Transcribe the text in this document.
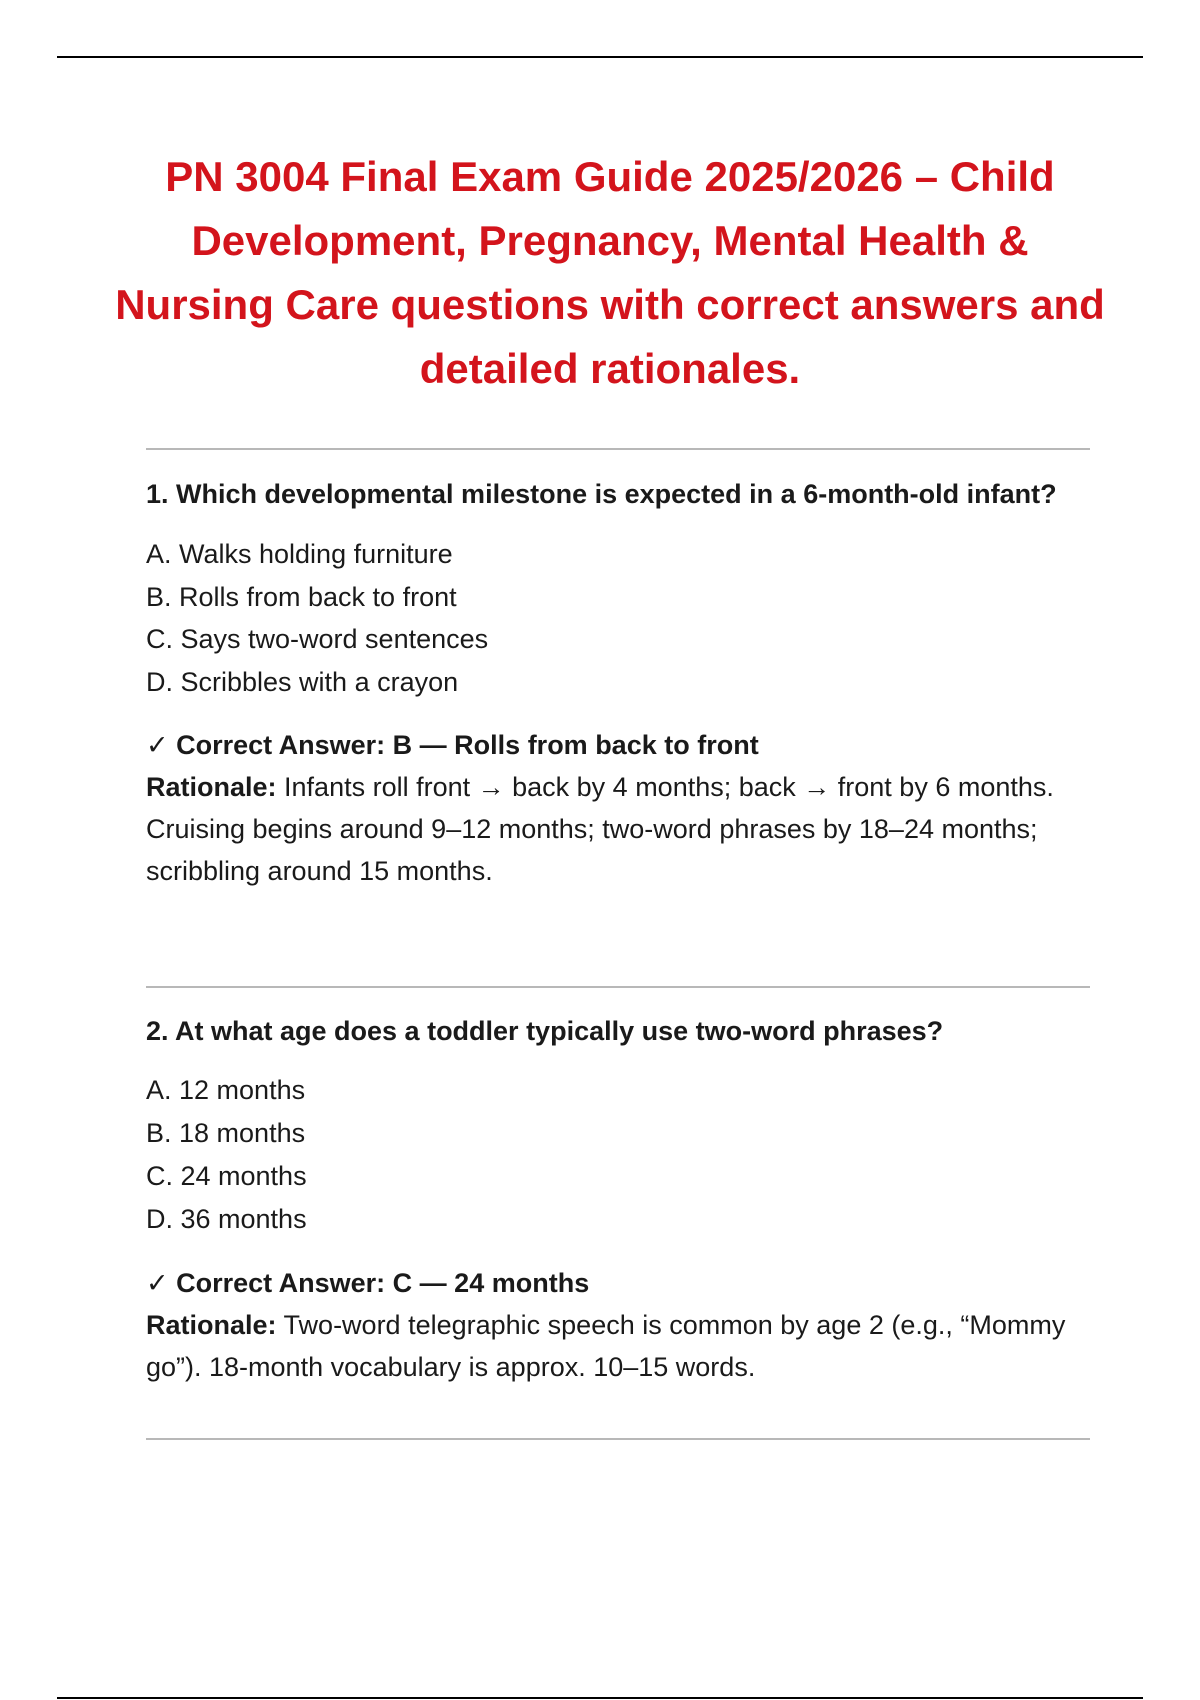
PN 3004 Final Exam Guide 2025/2026 – Child Development, Pregnancy, Mental Health & Nursing Care questions with correct answers and detailed rationales.

1. Which developmental milestone is expected in a 6-month-old infant?

A. Walks holding furniture
B. Rolls from back to front
C. Says two-word sentences
D. Scribbles with a crayon

✓ Correct Answer: B — Rolls from back to front

Rationale: Infants roll front → back by 4 months; back → front by 6 months. Cruising begins around 9–12 months; two-word phrases by 18–24 months; scribbling around 15 months.

2. At what age does a toddler typically use two-word phrases?

A. 12 months
B. 18 months
C. 24 months
D. 36 months

✓ Correct Answer: C — 24 months

Rationale: Two-word telegraphic speech is common by age 2 (e.g., “Mommy go”). 18-month vocabulary is approx. 10–15 words.
